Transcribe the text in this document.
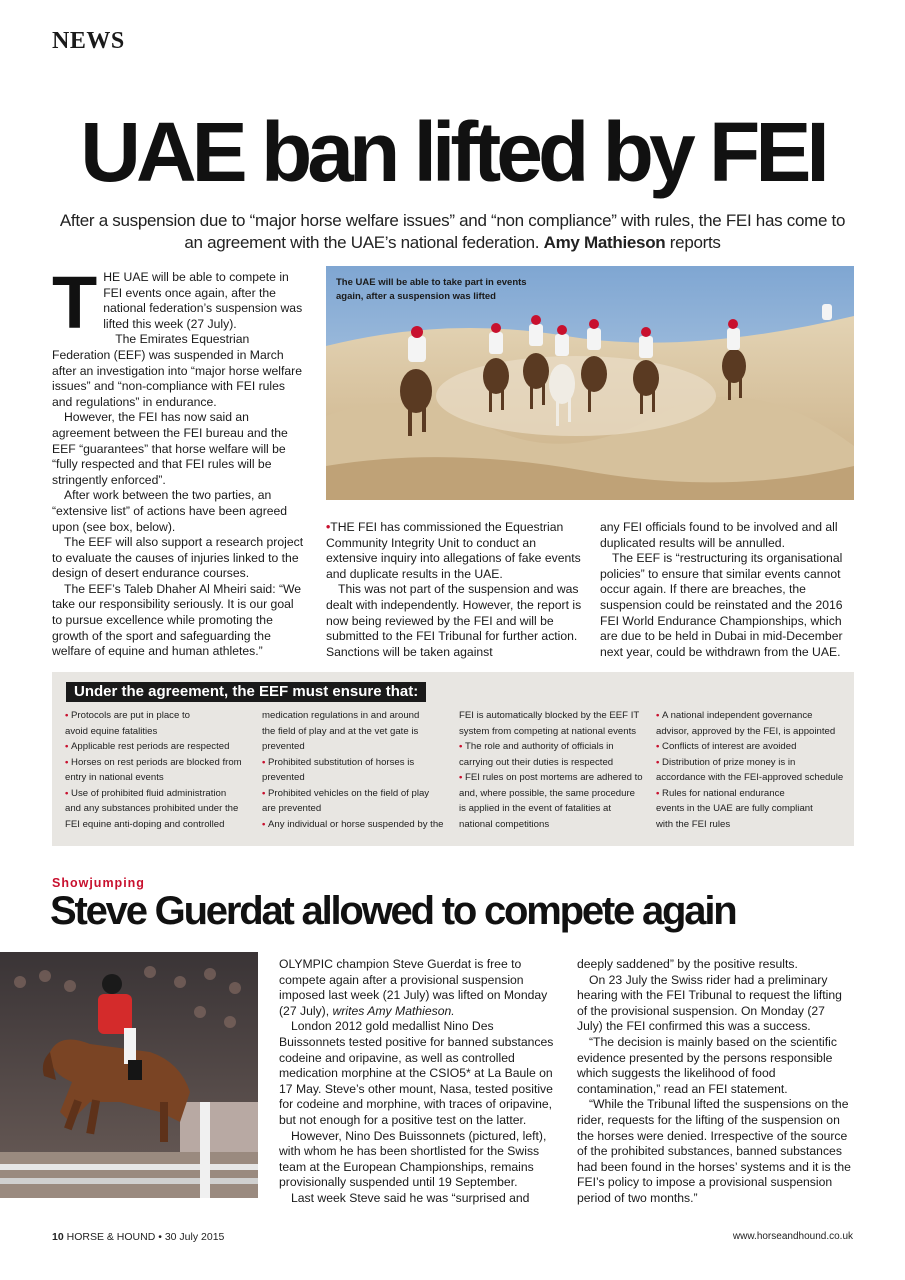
NEWS
UAE ban lifted by FEI

After a suspension due to “major horse welfare issues” and “non compliance” with rules, the FEI has come to an agreement with the UAE’s national federation. Amy Mathieson reports

T HE UAE will be able to compete in FEI events once again, after the national federation’s suspension was lifted this week (27 July).

The Emirates Equestrian Federation (EEF) was suspended in March after an investigation into “major horse welfare issues” and “non-compliance with FEI rules and regulations” in endurance.

However, the FEI has now said an agreement between the FEI bureau and the EEF “guarantees” that horse welfare will be “fully respected and that FEI rules will be stringently enforced”.

After work between the two parties, an “extensive list” of actions have been agreed upon (see box, below).

The EEF will also support a research project to evaluate the causes of injuries linked to the design of desert endurance courses.

The EEF’s Taleb Dhaher Al Mheiri said: “We take our responsibility seriously. It is our goal to pursue excellence while promoting the growth of the sport and safeguarding the welfare of equine and human athletes.”

The UAE will be able to take part in events again, after a suspension was lifted

•THE FEI has commissioned the Equestrian Community Integrity Unit to conduct an extensive inquiry into allegations of fake events and duplicate results in the UAE.

This was not part of the suspension and was dealt with independently. However, the report is now being reviewed by the FEI and will be submitted to the FEI Tribunal for further action. Sanctions will be taken against

any FEI officials found to be involved and all duplicated results will be annulled.

The EEF is “restructuring its organisational policies” to ensure that similar events cannot occur again. If there are breaches, the suspension could be reinstated and the 2016 FEI World Endurance Championships, which are due to be held in Dubai in mid-December next year, could be withdrawn from the UAE.

Under the agreement, the EEF must ensure that:
• Protocols are put in place to
avoid equine fatalities
• Applicable rest periods are respected
• Horses on rest periods are blocked from
entry in national events
• Use of prohibited fluid administration
and any substances prohibited under the
FEI equine anti-doping and controlled
medication regulations in and around
the field of play and at the vet gate is
prevented
• Prohibited substitution of horses is
prevented
• Prohibited vehicles on the field of play
are prevented
• Any individual or horse suspended by the
FEI is automatically blocked by the EEF IT
system from competing at national events
• The role and authority of officials in
carrying out their duties is respected
• FEI rules on post mortems are adhered to
and, where possible, the same procedure
is applied in the event of fatalities at
national competitions
• A national independent governance
advisor, approved by the FEI, is appointed
• Conflicts of interest are avoided
• Distribution of prize money is in
accordance with the FEI-approved schedule
• Rules for national endurance
events in the UAE are fully compliant
with the FEI rules
Showjumping
Steve Guerdat allowed to compete again

OLYMPIC champion Steve Guerdat is free to compete again after a provisional suspension imposed last week (21 July) was lifted on Monday (27 July), writes Amy Mathieson.

London 2012 gold medallist Nino Des Buissonnets tested positive for banned substances codeine and oripavine, as well as controlled medication morphine at the CSIO5* at La Baule on 17 May. Steve’s other mount, Nasa, tested positive for codeine and morphine, with traces of oripavine, but not enough for a positive test on the latter.

However, Nino Des Buissonnets (pictured, left), with whom he has been shortlisted for the Swiss team at the European Championships, remains provisionally suspended until 19 September.

Last week Steve said he was “surprised and

deeply saddened” by the positive results.

On 23 July the Swiss rider had a preliminary hearing with the FEI Tribunal to request the lifting of the provisional suspension. On Monday (27 July) the FEI confirmed this was a success.

“The decision is mainly based on the scientific evidence presented by the persons responsible which suggests the likelihood of food contamination,” read an FEI statement.

“While the Tribunal lifted the suspensions on the rider, requests for the lifting of the suspension on the horses were denied. Irrespective of the source of the prohibited substances, banned substances had been found in the horses’ systems and it is the FEI’s policy to impose a provisional suspension period of two months.”

10 HORSE & HOUND • 30 July 2015	www.horseandhound.co.uk
